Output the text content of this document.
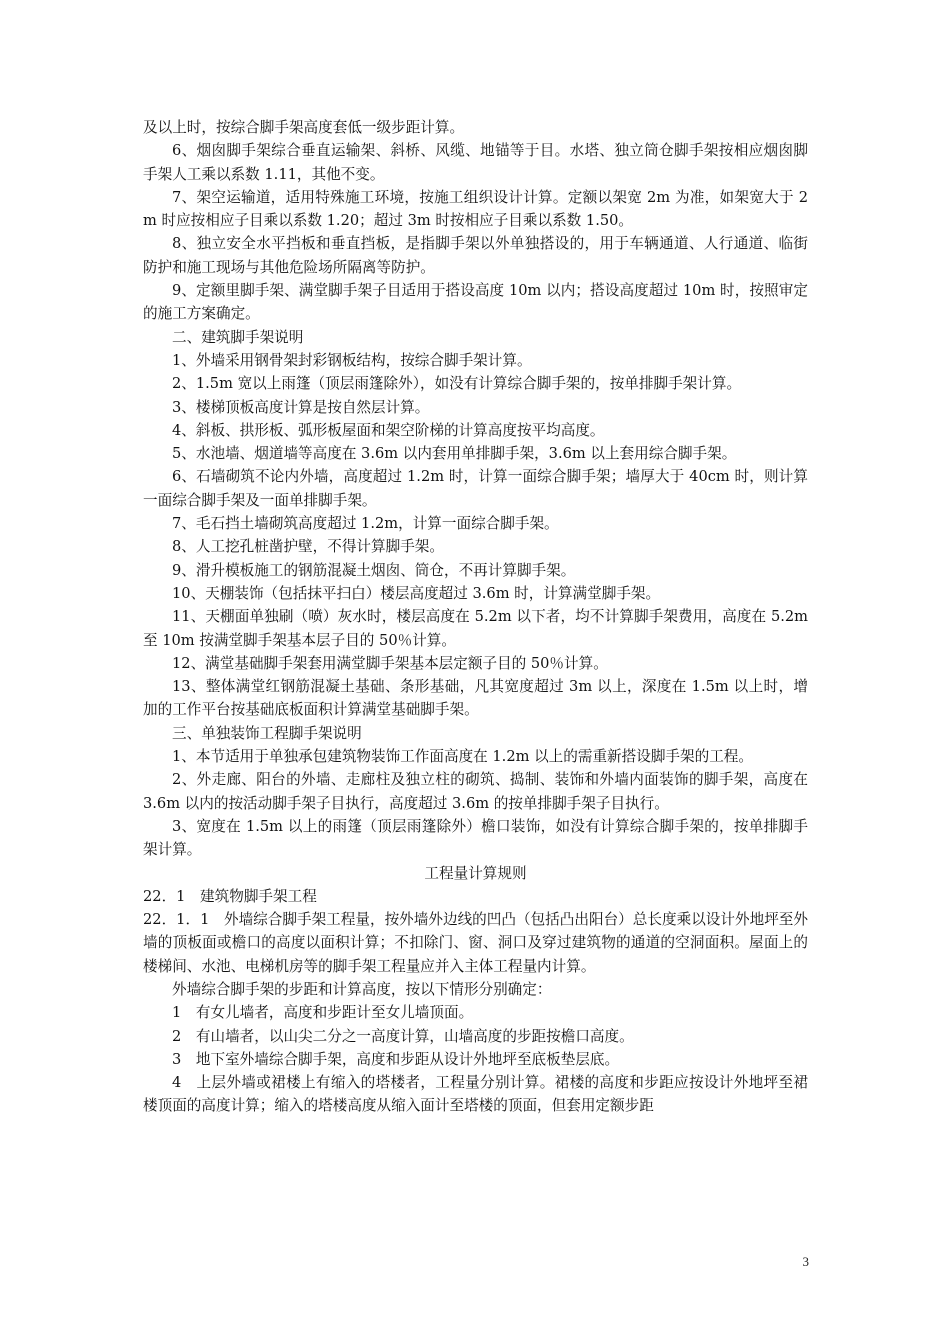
及以上时，按综合脚手架高度套低一级步距计算。

6、烟囱脚手架综合垂直运输架、斜桥、风缆、地锚等于目。水塔、独立筒仓脚手架按相应烟囱脚手架人工乘以系数 1.11，其他不变。

7、架空运输道，适用特殊施工环境，按施工组织设计计算。定额以架宽 2m 为准，如架宽大于 2m 时应按相应子目乘以系数 1.20；超过 3m 时按相应子目乘以系数 1.50。

8、独立安全水平挡板和垂直挡板，是指脚手架以外单独搭设的，用于车辆通道、人行通道、临街防护和施工现场与其他危险场所隔离等防护。

9、定额里脚手架、满堂脚手架子目适用于搭设高度 10m 以内；搭设高度超过 10m 时，按照审定的施工方案确定。

二、建筑脚手架说明

1、外墙采用钢骨架封彩钢板结构，按综合脚手架计算。

2、1.5m 宽以上雨篷（顶层雨篷除外），如没有计算综合脚手架的，按单排脚手架计算。

3、楼梯顶板高度计算是按自然层计算。

4、斜板、拱形板、弧形板屋面和架空阶梯的计算高度按平均高度。

5、水池墙、烟道墙等高度在 3.6m 以内套用单排脚手架，3.6m 以上套用综合脚手架。

6、石墙砌筑不论内外墙，高度超过 1.2m 时，计算一面综合脚手架；墙厚大于 40cm 时，则计算一面综合脚手架及一面单排脚手架。

7、毛石挡土墙砌筑高度超过 1.2m，计算一面综合脚手架。

8、人工挖孔桩凿护壁，不得计算脚手架。

9、滑升模板施工的钢筋混凝土烟囱、筒仓，不再计算脚手架。

10、天棚装饰（包括抹平扫白）楼层高度超过 3.6m 时，计算满堂脚手架。

11、天棚面单独刷（喷）灰水时，楼层高度在 5.2m 以下者，均不计算脚手架费用，高度在 5.2m 至 10m 按满堂脚手架基本层子目的 50％计算。

12、满堂基础脚手架套用满堂脚手架基本层定额子目的 50％计算。

13、整体满堂红钢筋混凝土基础、条形基础，凡其宽度超过 3m 以上，深度在 1.5m 以上时，增加的工作平台按基础底板面积计算满堂基础脚手架。

三、单独装饰工程脚手架说明

1、本节适用于单独承包建筑物装饰工作面高度在 1.2m 以上的需重新搭设脚手架的工程。

2、外走廊、阳台的外墙、走廊柱及独立柱的砌筑、捣制、装饰和外墙内面装饰的脚手架，高度在 3.6m 以内的按活动脚手架子目执行，高度超过 3.6m 的按单排脚手架子目执行。

3、宽度在 1.5m 以上的雨篷（顶层雨篷除外）檐口装饰，如没有计算综合脚手架的，按单排脚手架计算。

工程量计算规则

22．1　建筑物脚手架工程

22．1．1　外墙综合脚手架工程量，按外墙外边线的凹凸（包括凸出阳台）总长度乘以设计外地坪至外墙的顶板面或檐口的高度以面积计算；不扣除门、窗、洞口及穿过建筑物的通道的空洞面积。屋面上的楼梯间、水池、电梯机房等的脚手架工程量应并入主体工程量内计算。

外墙综合脚手架的步距和计算高度，按以下情形分别确定：

1　有女儿墙者，高度和步距计至女儿墙顶面。

2　有山墙者，以山尖二分之一高度计算，山墙高度的步距按檐口高度。

3　地下室外墙综合脚手架，高度和步距从设计外地坪至底板垫层底。

4　上层外墙或裙楼上有缩入的塔楼者，工程量分别计算。裙楼的高度和步距应按设计外地坪至裙楼顶面的高度计算；缩入的塔楼高度从缩入面计至塔楼的顶面，但套用定额步距

3
